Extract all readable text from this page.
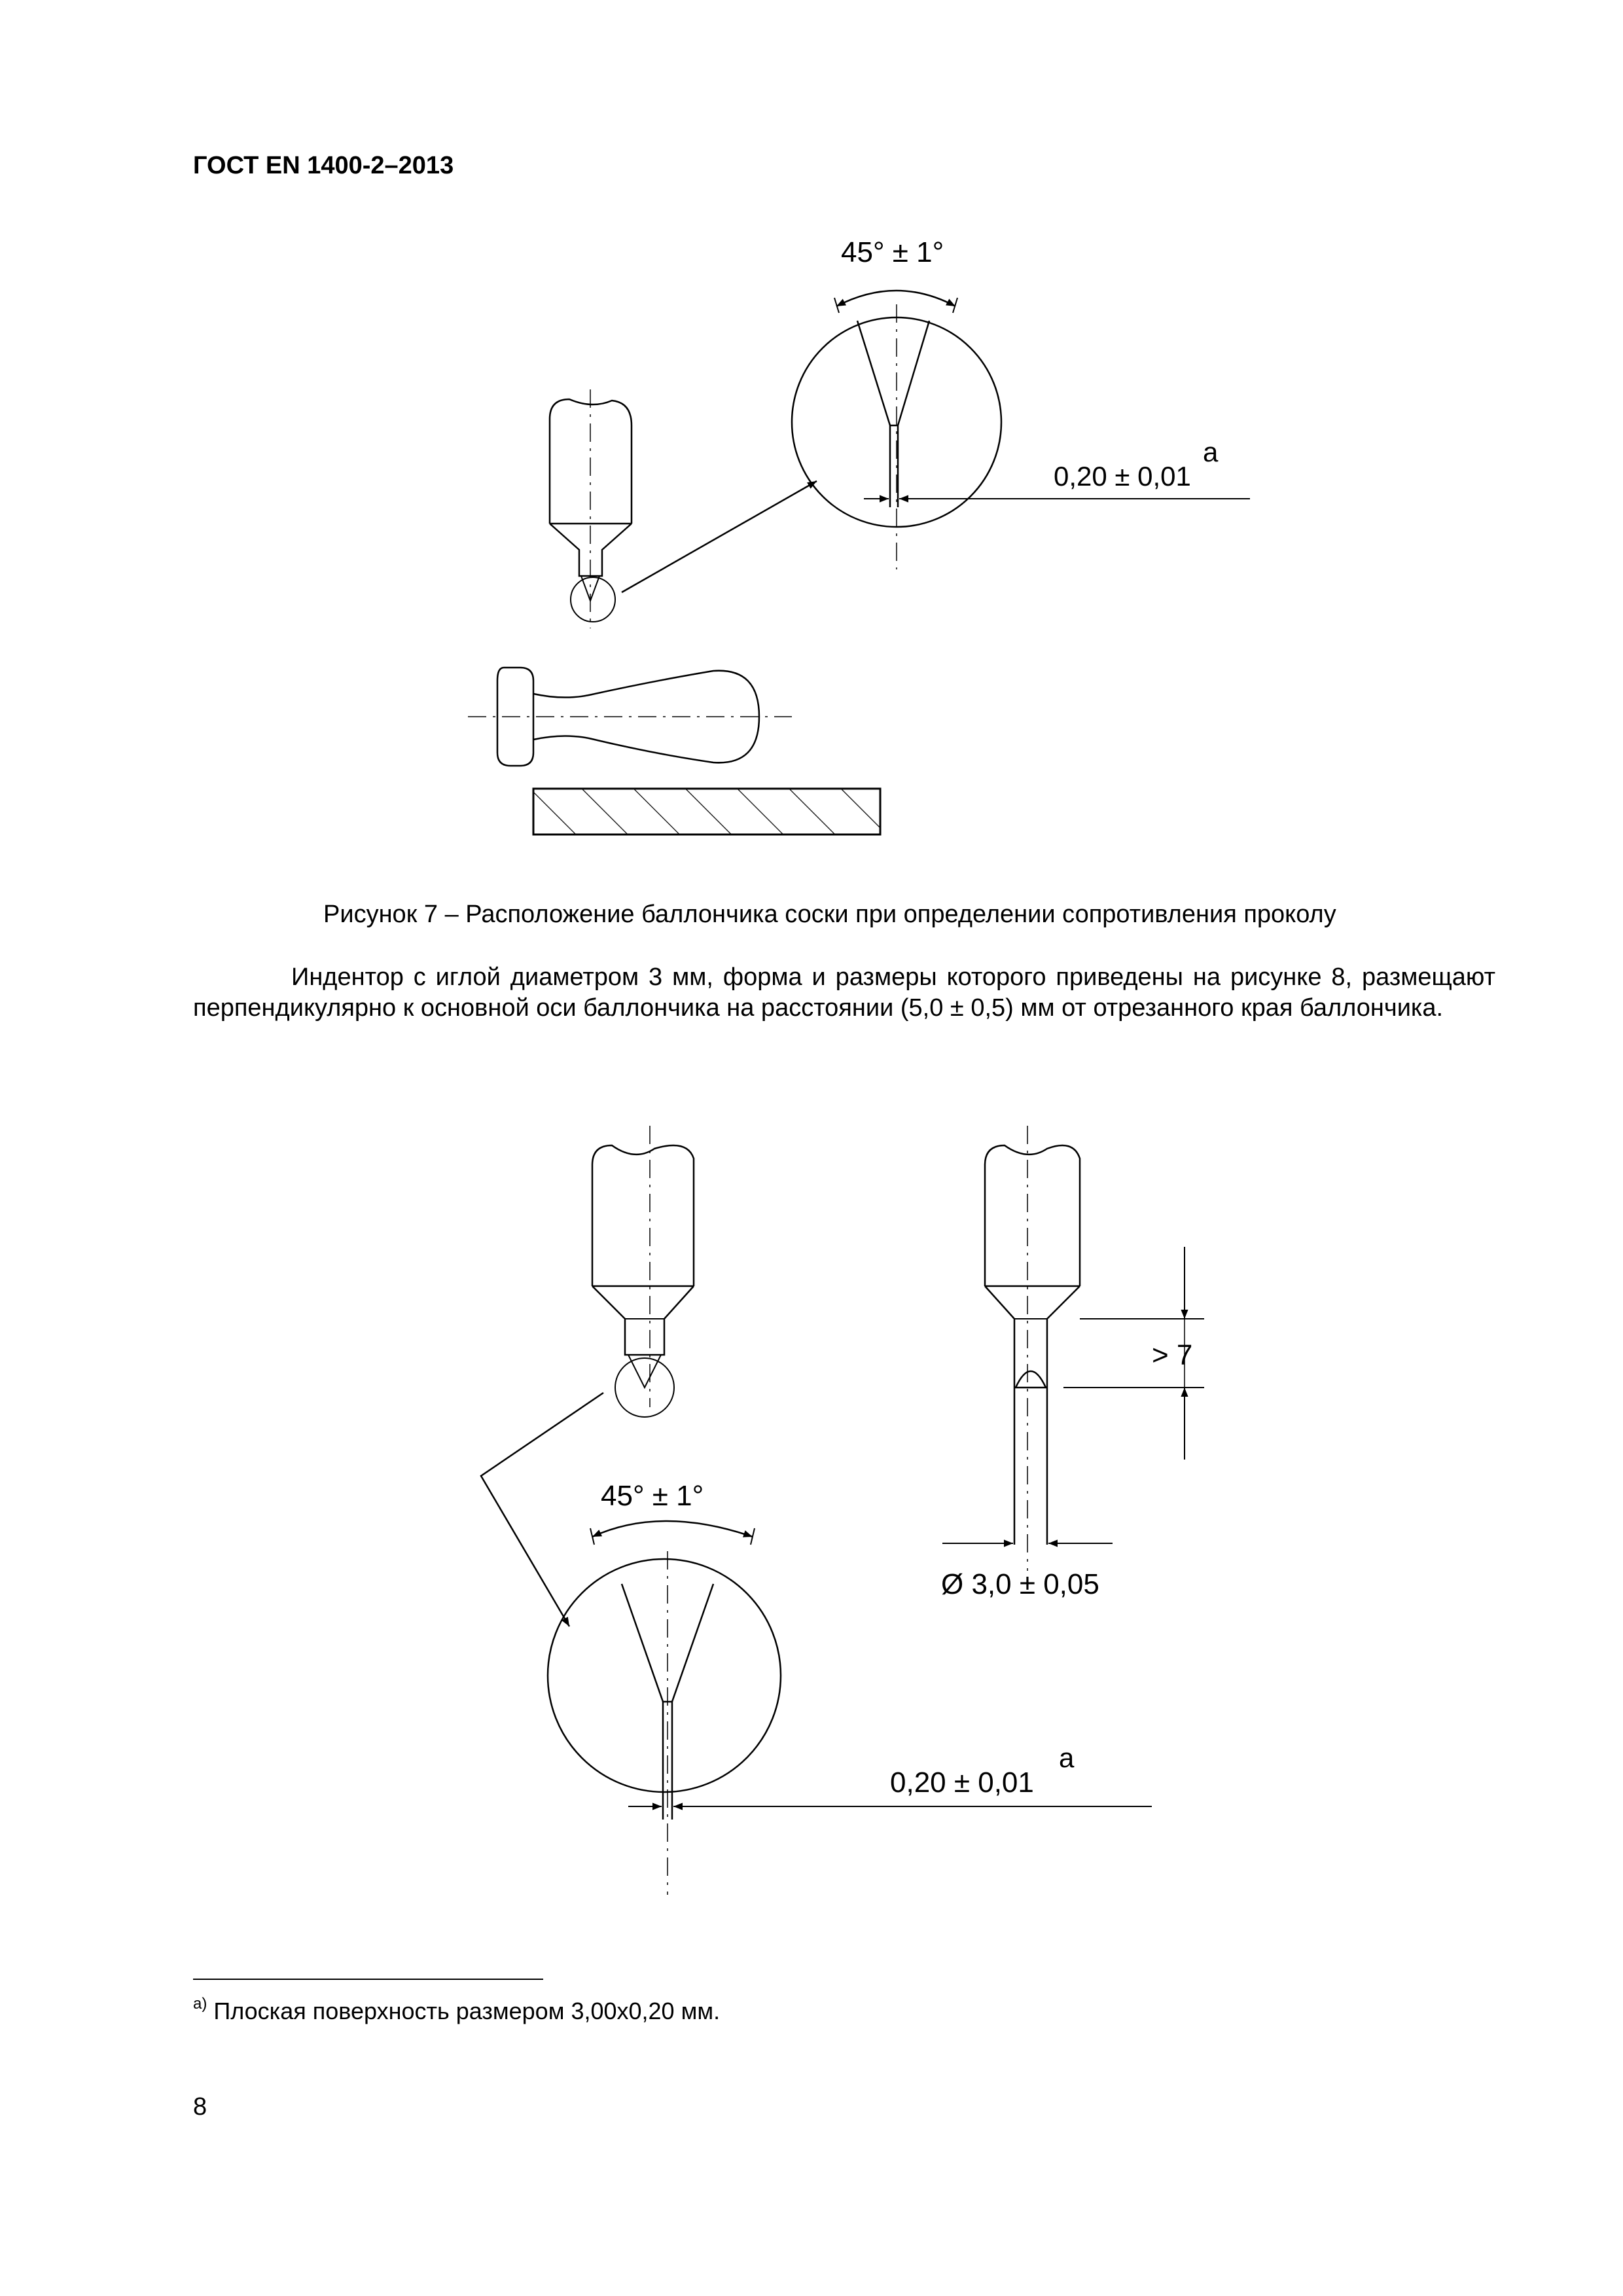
ГОСТ EN 1400-2–2013
45° ± 1°
0,20 ± 0,01
a
Рисунок 7 – Расположение баллончика соски при определении сопротивления проколу

Индентор с иглой диаметром 3 мм, форма и размеры которого приведены на рисунке 8, размещают перпендикулярно к основной оси баллончика на расстоянии (5,0 ± 0,5) мм от отрезанного края баллончика.

45° ± 1°
0,20 ± 0,01
a
> 7
Ø 3,0 ± 0,05
$^{а)}$ Плоская поверхность размером 3,00x0,20 мм.
8
